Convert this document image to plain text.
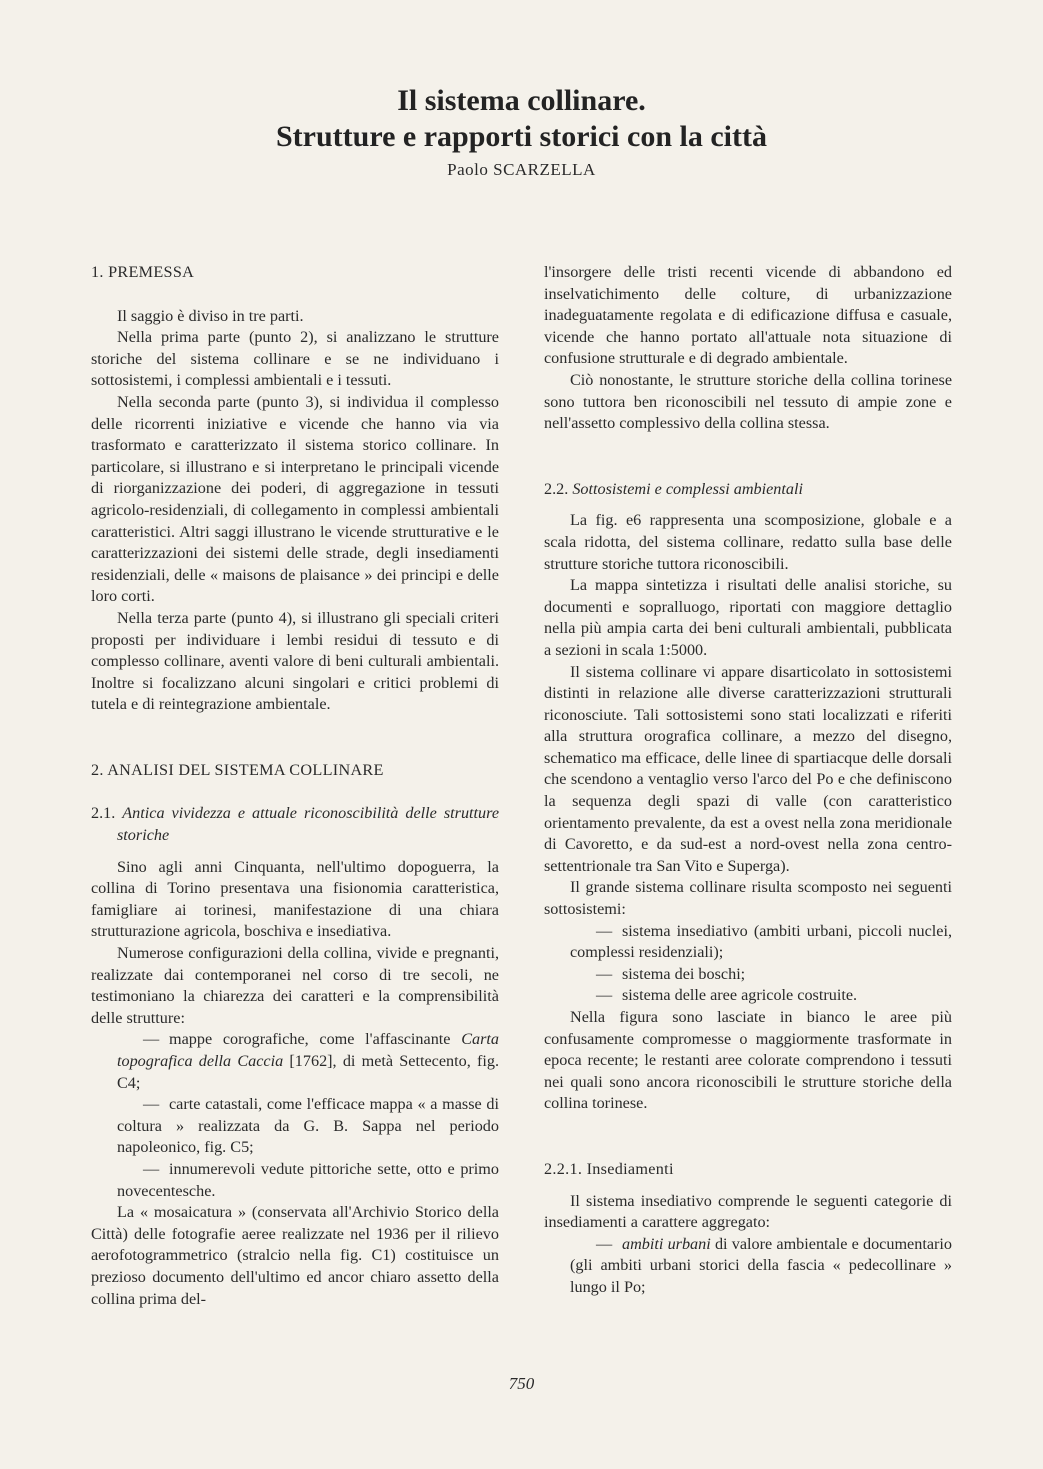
Il sistema collinare.
Strutture e rapporti storici con la città
Paolo SCARZELLA
1. PREMESSA

Il saggio è diviso in tre parti.

Nella prima parte (punto 2), si analizzano le strutture storiche del sistema collinare e se ne individuano i sottosistemi, i complessi ambientali e i tessuti.

Nella seconda parte (punto 3), si individua il complesso delle ricorrenti iniziative e vicende che hanno via via trasformato e caratterizzato il sistema storico collinare. In particolare, si illustrano e si interpretano le principali vicende di riorganizzazione dei poderi, di aggregazione in tessuti agricolo-residenziali, di collegamento in complessi ambientali caratteristici. Altri saggi illustrano le vicende strutturative e le caratterizzazioni dei sistemi delle strade, degli insediamenti residenziali, delle « maisons de plaisance » dei principi e delle loro corti.

Nella terza parte (punto 4), si illustrano gli speciali criteri proposti per individuare i lembi residui di tessuto e di complesso collinare, aventi valore di beni culturali ambientali. Inoltre si focalizzano alcuni singolari e critici problemi di tutela e di reintegrazione ambientale.

2. ANALISI DEL SISTEMA COLLINARE
2.1. Antica vividezza e attuale riconoscibilità delle strutture storiche

Sino agli anni Cinquanta, nell'ultimo dopoguerra, la collina di Torino presentava una fisionomia caratteristica, famigliare ai torinesi, manifestazione di una chiara strutturazione agricola, boschiva e insediativa.

Numerose configurazioni della collina, vivide e pregnanti, realizzate dai contemporanei nel corso di tre secoli, ne testimoniano la chiarezza dei caratteri e la comprensibilità delle strutture:

— mappe corografiche, come l'affascinante Carta topografica della Caccia [1762], di metà Settecento, fig. C4;

— carte catastali, come l'efficace mappa « a masse di coltura » realizzata da G. B. Sappa nel periodo napoleonico, fig. C5;

— innumerevoli vedute pittoriche sette, otto e primo novecentesche.

La « mosaicatura » (conservata all'Archivio Storico della Città) delle fotografie aeree realizzate nel 1936 per il rilievo aerofotogrammetrico (stralcio nella fig. C1) costituisce un prezioso documento dell'ultimo ed ancor chiaro assetto della collina prima del-

l'insorgere delle tristi recenti vicende di abbandono ed inselvatichimento delle colture, di urbanizzazione inadeguatamente regolata e di edificazione diffusa e casuale, vicende che hanno portato all'attuale nota situazione di confusione strutturale e di degrado ambientale.

Ciò nonostante, le strutture storiche della collina torinese sono tuttora ben riconoscibili nel tessuto di ampie zone e nell'assetto complessivo della collina stessa.

2.2. Sottosistemi e complessi ambientali

La fig. e6 rappresenta una scomposizione, globale e a scala ridotta, del sistema collinare, redatto sulla base delle strutture storiche tuttora riconoscibili.

La mappa sintetizza i risultati delle analisi storiche, su documenti e sopralluogo, riportati con maggiore dettaglio nella più ampia carta dei beni culturali ambientali, pubblicata a sezioni in scala 1:5000.

Il sistema collinare vi appare disarticolato in sottosistemi distinti in relazione alle diverse caratterizzazioni strutturali riconosciute. Tali sottosistemi sono stati localizzati e riferiti alla struttura orografica collinare, a mezzo del disegno, schematico ma efficace, delle linee di spartiacque delle dorsali che scendono a ventaglio verso l'arco del Po e che definiscono la sequenza degli spazi di valle (con caratteristico orientamento prevalente, da est a ovest nella zona meridionale di Cavoretto, e da sud-est a nord-ovest nella zona centro-settentrionale tra San Vito e Superga).

Il grande sistema collinare risulta scomposto nei seguenti sottosistemi:

— sistema insediativo (ambiti urbani, piccoli nuclei, complessi residenziali);

— sistema dei boschi;

— sistema delle aree agricole costruite.

Nella figura sono lasciate in bianco le aree più confusamente compromesse o maggiormente trasformate in epoca recente; le restanti aree colorate comprendono i tessuti nei quali sono ancora riconoscibili le strutture storiche della collina torinese.

2.2.1. Insediamenti

Il sistema insediativo comprende le seguenti categorie di insediamenti a carattere aggregato:

— ambiti urbani di valore ambientale e documentario (gli ambiti urbani storici della fascia « pedecollinare » lungo il Po;

750
